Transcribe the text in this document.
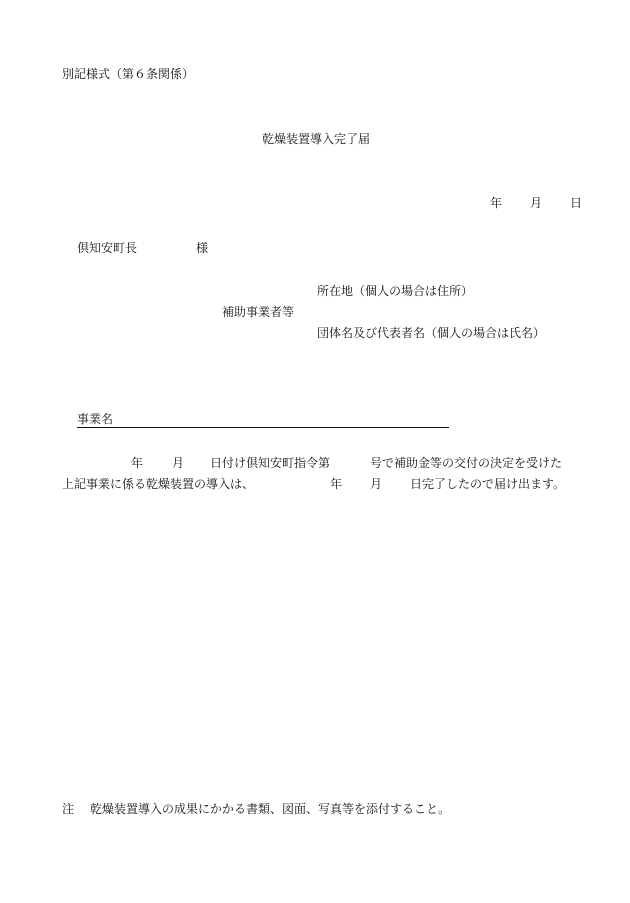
別記様式（第６条関係）
乾燥装置導入完了届
年 月 日
倶知安町長	様
所在地（個人の場合は住所）
補助事業者等
団体名及び代表者名（個人の場合は氏名）
事業名
年 月 日付け倶知安町指令第	号で補助金等の交付の決定を受けた
上記事業に係る乾燥装置の導入は、	年 月 日完了したので届け出ます。
注 乾燥装置導入の成果にかかる書類、図面、写真等を添付すること。
